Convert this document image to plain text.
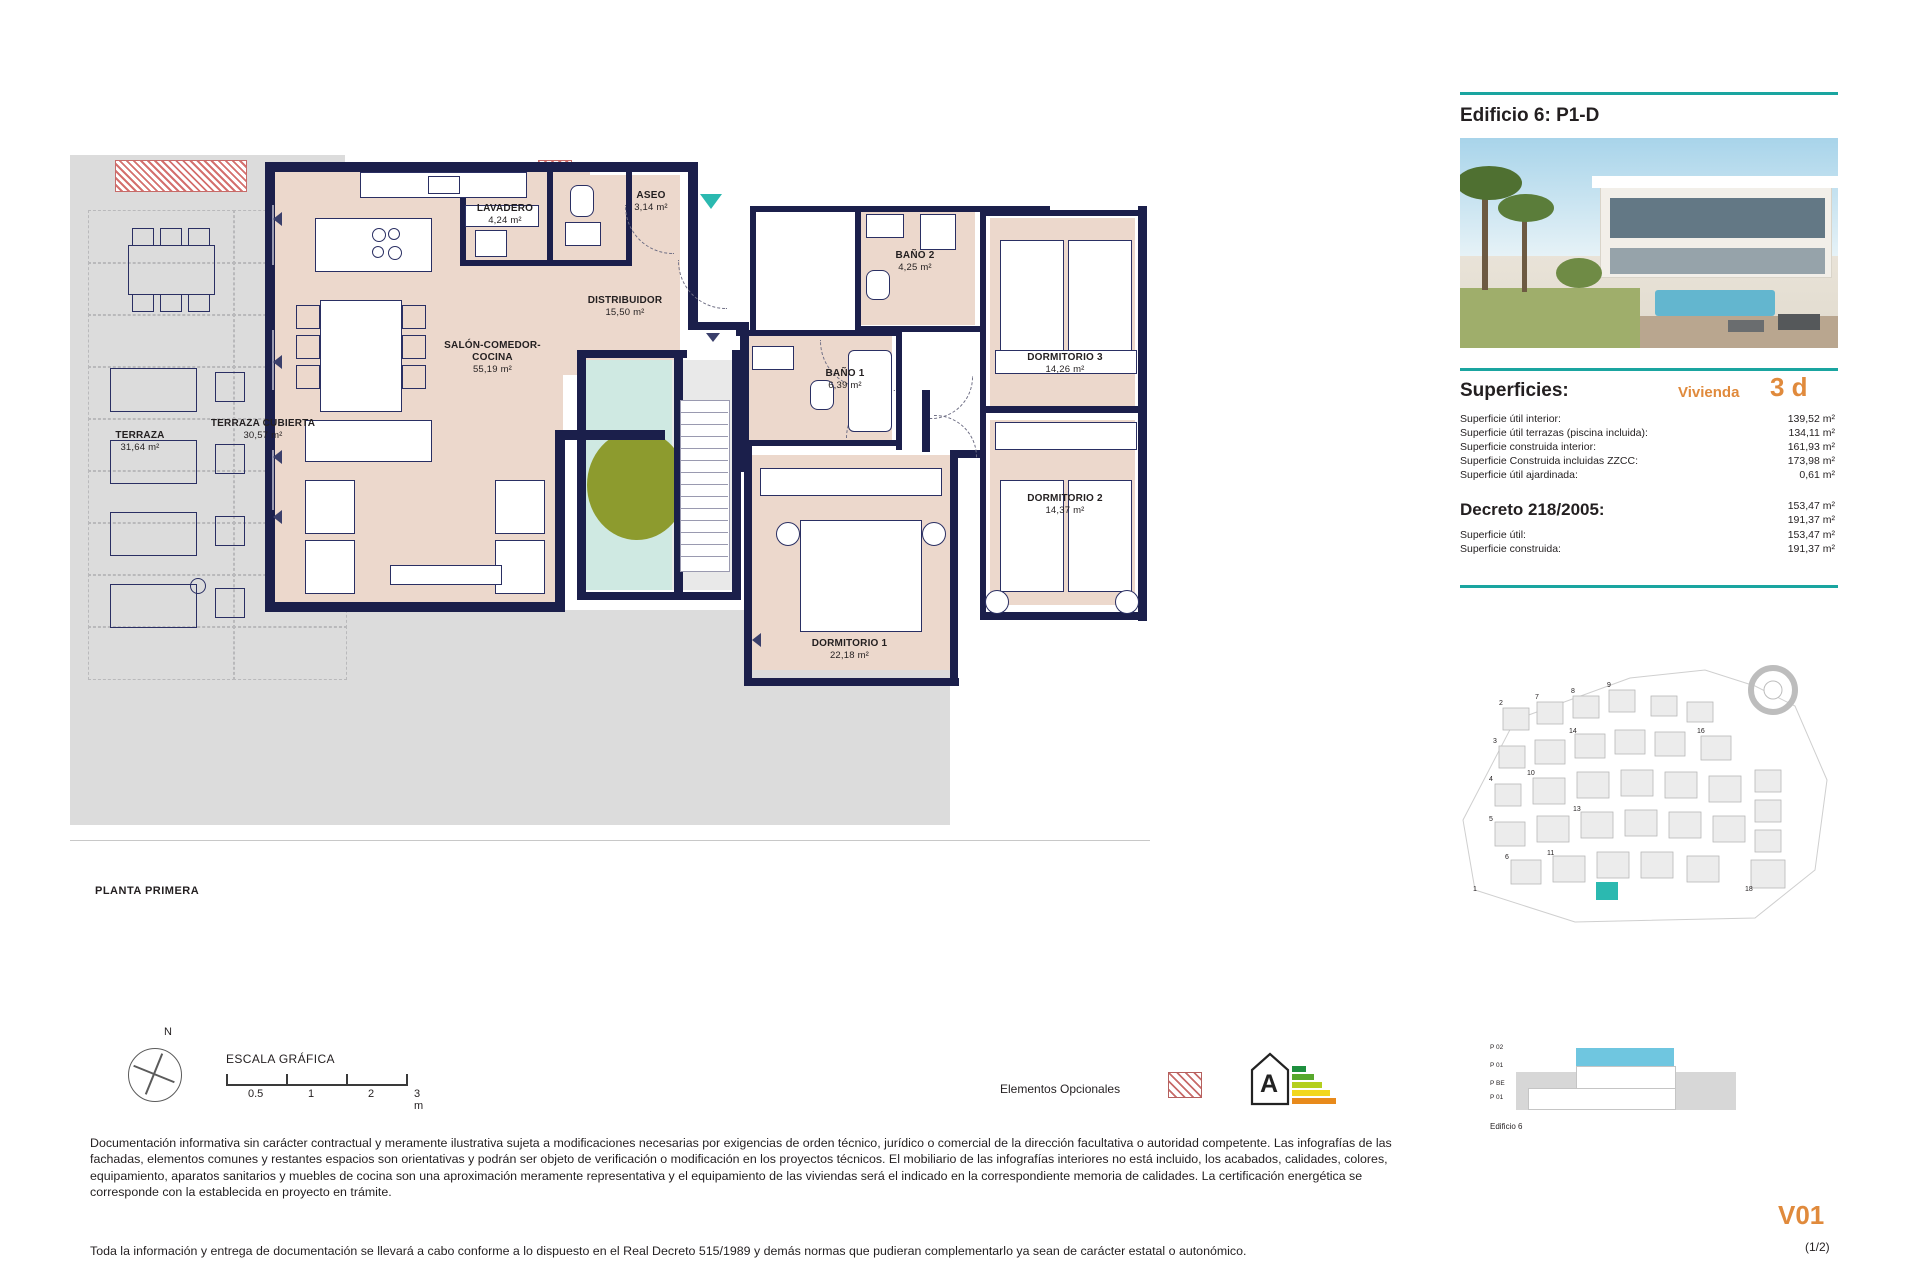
TERRAZA
31,64 m²
TERRAZA CUBIERTA
30,57 m²
LAVADERO
4,24 m²
ASEO
3,14 m²
DISTRIBUIDOR
15,50 m²
SALÓN-COMEDOR-COCINA
55,19 m²
BAÑO 2
4,25 m²
DORMITORIO 3
14,26 m²
BAÑO 1
6,39 m²
DORMITORIO 2
14,37 m²
DORMITORIO 1
22,18 m²
PLANTA PRIMERA
Edificio 6: P1-D
Superficies:	Vivienda 3 d
Superficie útil interior:	139,52 m²
Superficie útil terrazas (piscina incluida):	134,11 m²
Superficie construida interior:	161,93 m²
Superficie Construida incluidas ZZCC:	173,98 m²
Superficie útil ajardinada:	0,61 m²
Decreto 218/2005:
Superficie útil:	153,47 m²
Superficie construida:	191,37 m²
153,47 m²
191,37 m²
2
7
8
9
3
14	16
4
10
5
13
6
11
1	18
P 02
P 01
P BE
P 01
Edificio 6
V01
(1/2)
N
ESCALA GRÁFICA
0.5	1	2	3 m
Elementos Opcionales	A
Documentación informativa sin carácter contractual y meramente ilustrativa sujeta a modificaciones necesarias por exigencias de orden técnico, jurídico o comercial de la dirección facultativa o autoridad competente. Las infografías de las fachadas, elementos comunes y restantes espacios son orientativas y podrán ser objeto de verificación o modificación en los proyectos técnicos. El mobiliario de las infografías interiores no está incluido, los acabados, calidades, colores, equipamiento, aparatos sanitarios y muebles de cocina son una aproximación meramente representativa y el equipamiento de las viviendas será el indicado en la correspondiente memoria de calidades. La certificación energética se corresponde con la establecida en proyecto en trámite.
Toda la información y entrega de documentación se llevará a cabo conforme a lo dispuesto en el Real Decreto 515/1989 y demás normas que pudieran complementarlo ya sean de carácter estatal o autonómico.
